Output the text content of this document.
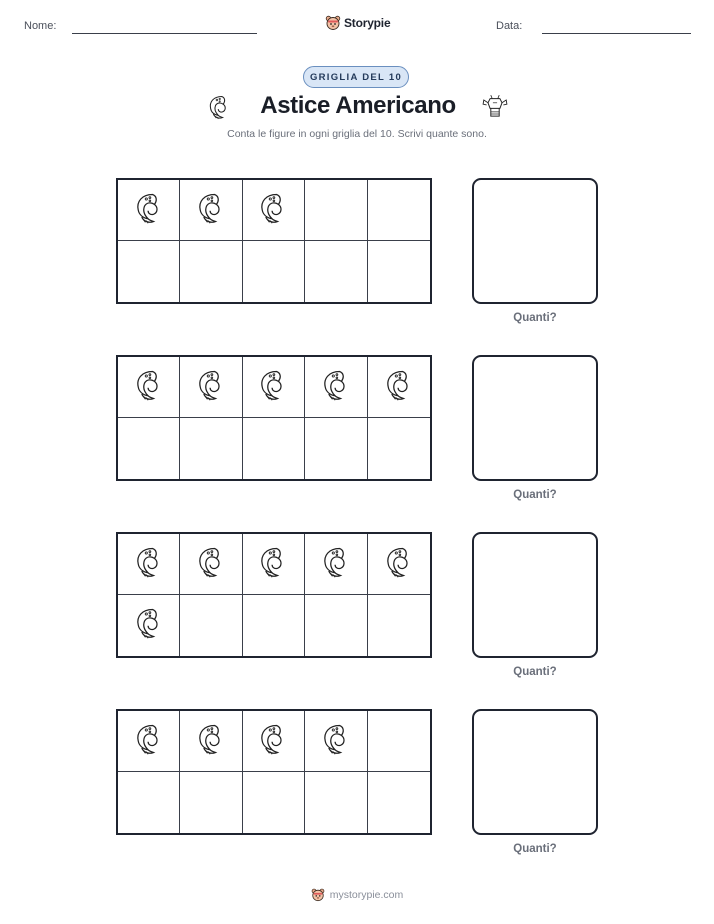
Nome:	Storypie	Data:
GRIGLIA DEL 10
Astice Americano
Conta le figure in ogni griglia del 10. Scrivi quante sono.
Quanti?
Quanti?
Quanti?
Quanti?
mystorypie.com
